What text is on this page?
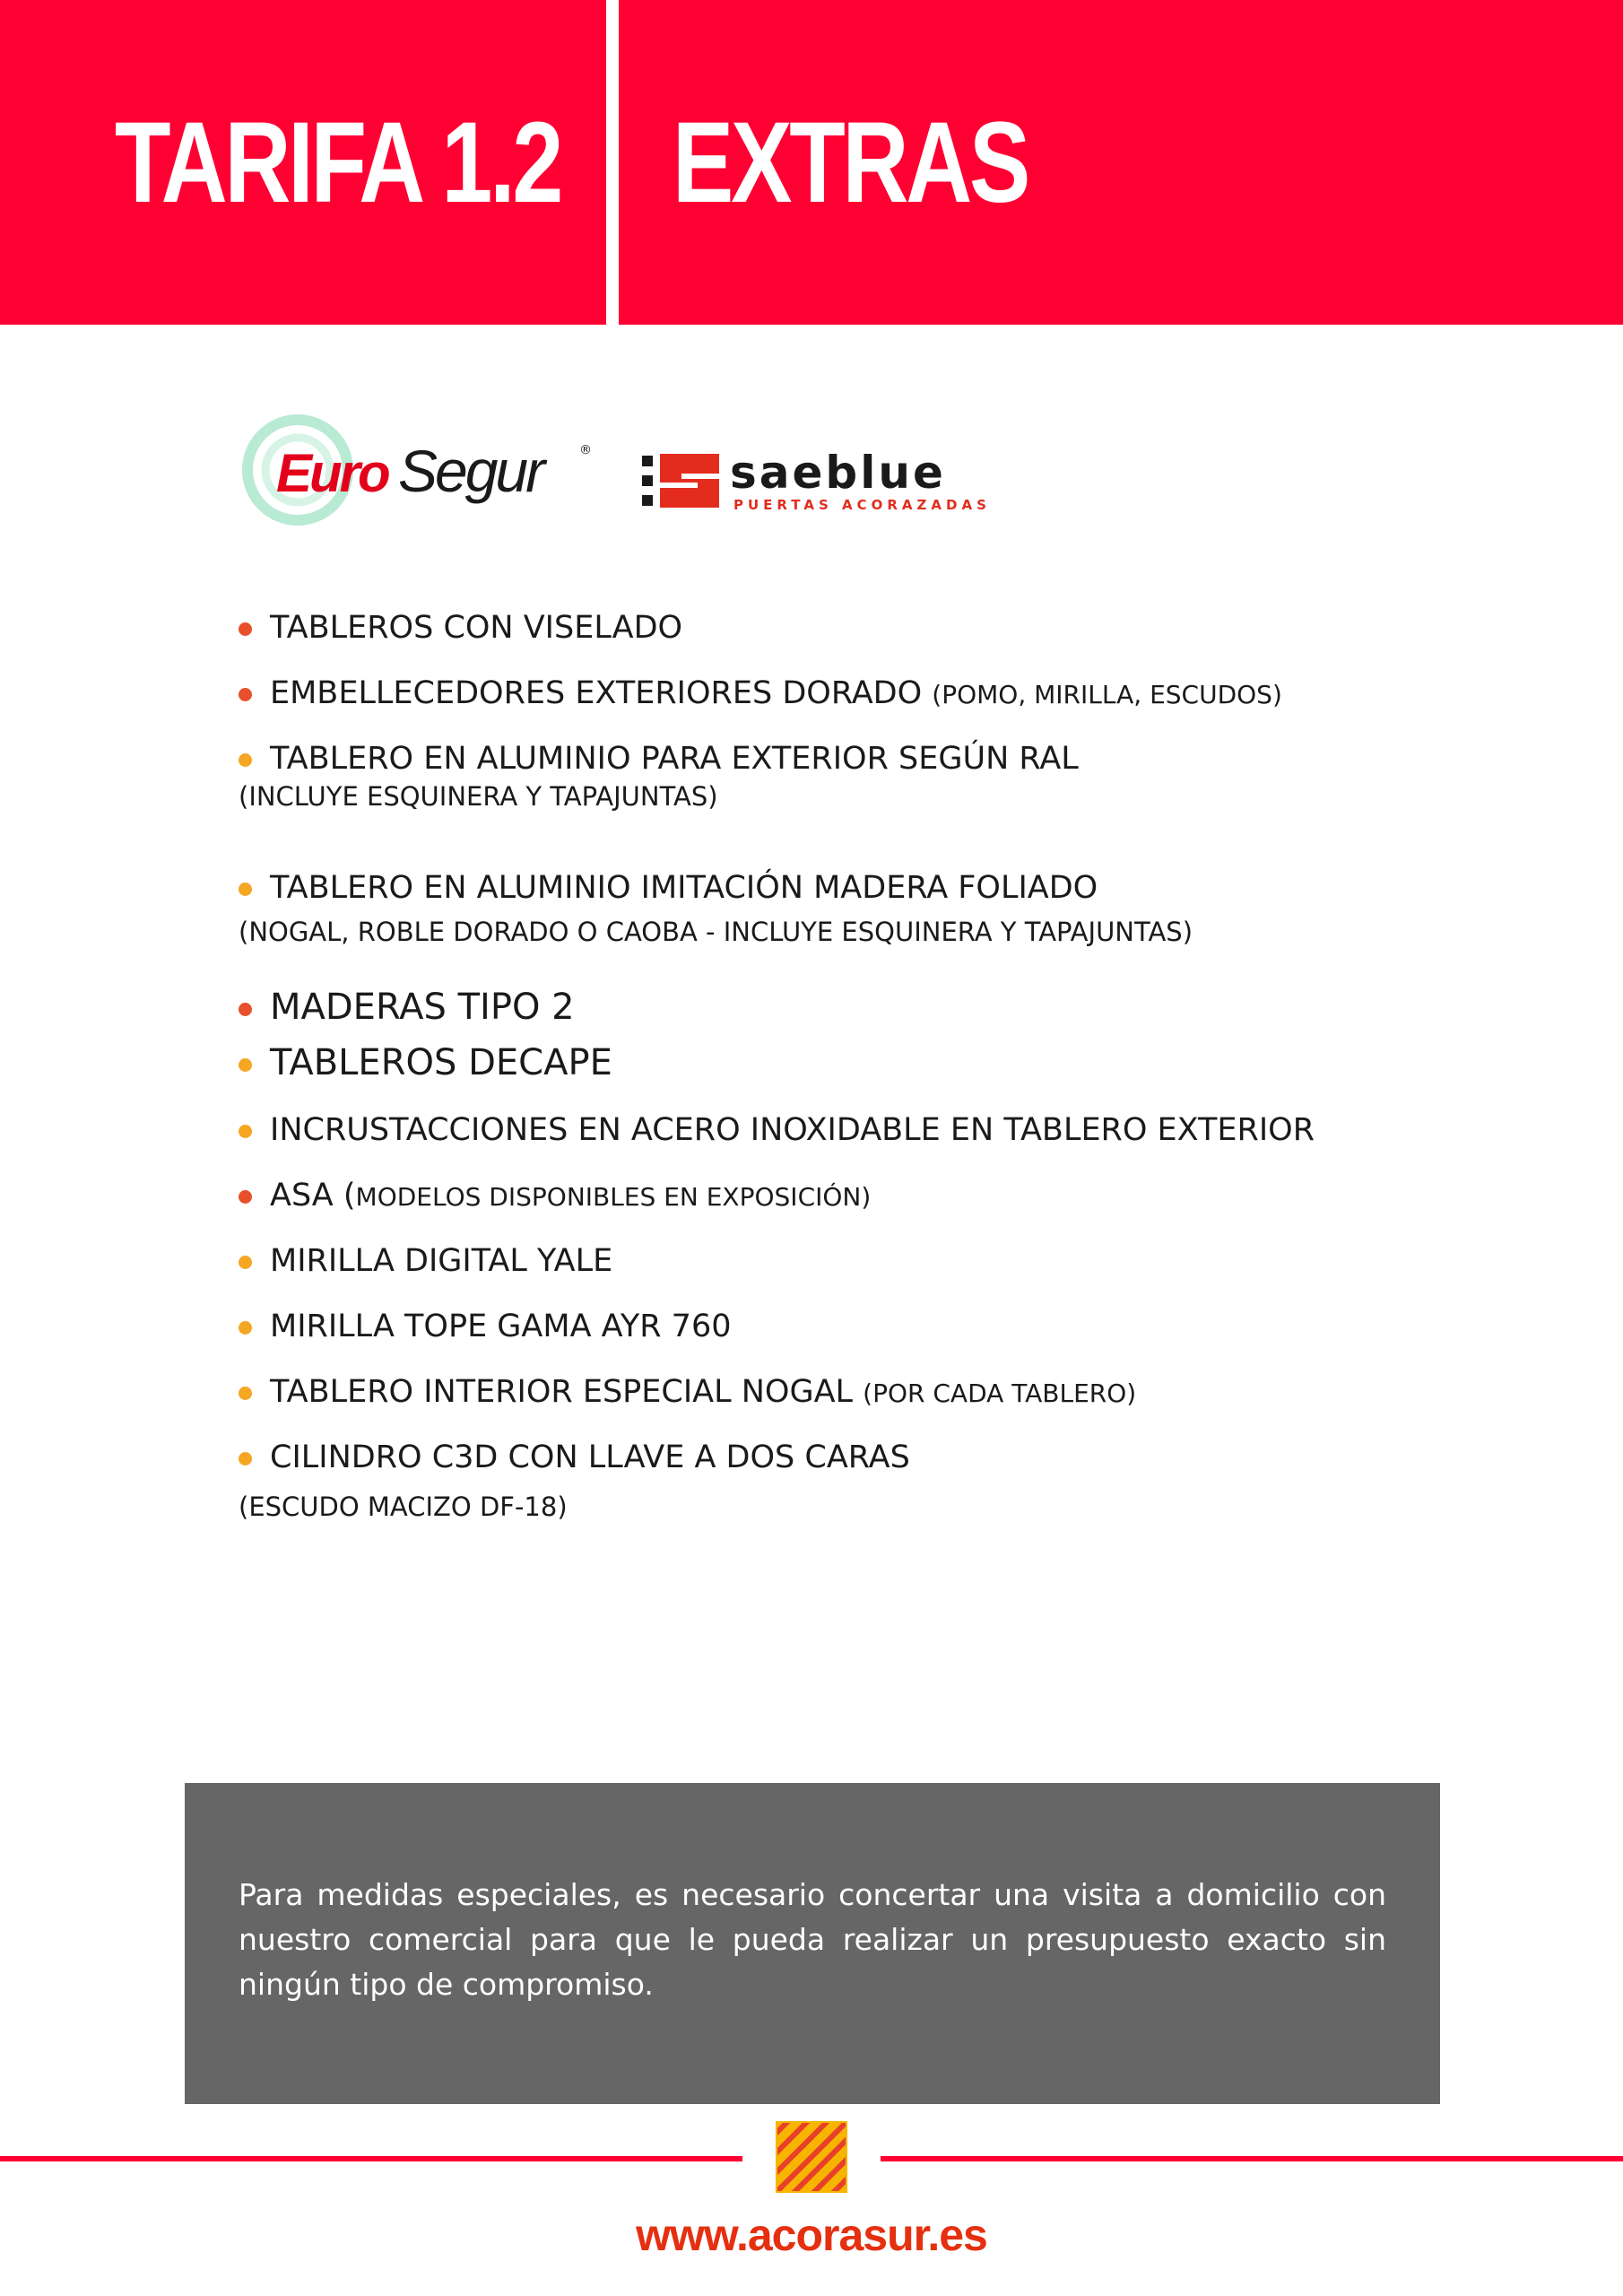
TARIFA 1.2 EXTRAS
Euro Segur	®	saeblue
PUERTAS ACORAZADAS
TABLEROS CON VISELADO
EMBELLECEDORES EXTERIORES DORADO (POMO, MIRILLA, ESCUDOS)
TABLERO EN ALUMINIO PARA EXTERIOR SEGÚN RAL
(INCLUYE ESQUINERA Y TAPAJUNTAS)
TABLERO EN ALUMINIO IMITACIÓN MADERA FOLIADO
(NOGAL, ROBLE DORADO O CAOBA - INCLUYE ESQUINERA Y TAPAJUNTAS)
MADERAS TIPO 2
TABLEROS DECAPE
INCRUSTACCIONES EN ACERO INOXIDABLE EN TABLERO EXTERIOR
ASA (MODELOS DISPONIBLES EN EXPOSICIÓN)
MIRILLA DIGITAL YALE
MIRILLA TOPE GAMA AYR 760
TABLERO INTERIOR ESPECIAL NOGAL (POR CADA TABLERO)
CILINDRO C3D CON LLAVE A DOS CARAS
(ESCUDO MACIZO DF-18)

Para medidas especiales, es necesario concertar una visita a domicilio con nuestro comercial para que le pueda realizar un presupuesto exacto sin ningún tipo de compromiso.

www.acorasur.es
